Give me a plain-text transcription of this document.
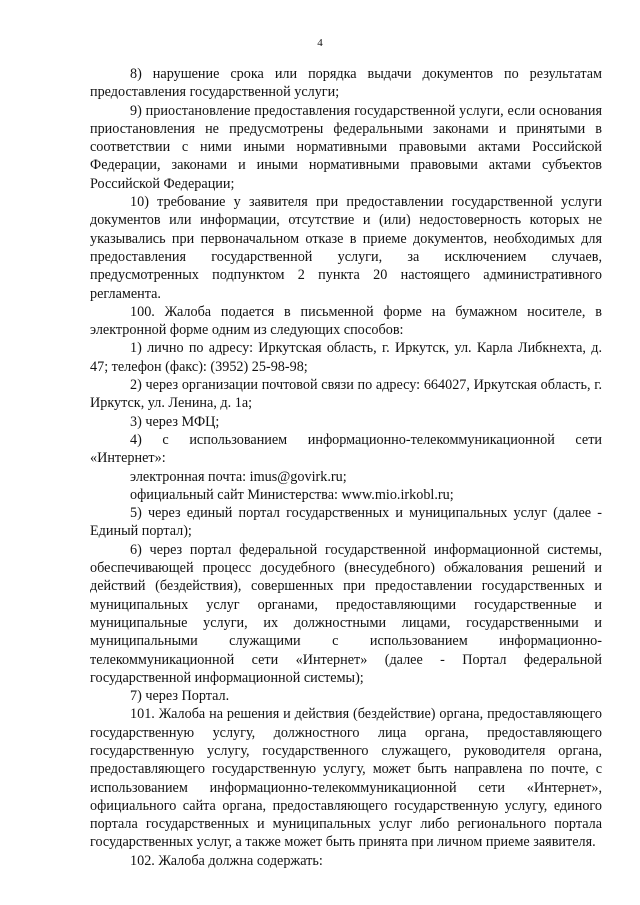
4

8) нарушение срока или порядка выдачи документов по результатам предоставления государственной услуги;

9) приостановление предоставления государственной услуги, если основания приостановления не предусмотрены федеральными законами и принятыми в соответствии с ними иными нормативными правовыми актами Российской Федерации, законами и иными нормативными правовыми актами субъектов Российской Федерации;

10) требование у заявителя при предоставлении государственной услуги документов или информации, отсутствие и (или) недостоверность которых не указывались при первоначальном отказе в приеме документов, необходимых для предоставления государственной услуги, за исключением случаев, предусмотренных подпунктом 2 пункта 20 настоящего административного регламента.

100. Жалоба подается в письменной форме на бумажном носителе, в электронной форме одним из следующих способов:

1) лично по адресу: Иркутская область, г. Иркутск, ул. Карла Либкнехта, д. 47; телефон (факс): (3952) 25-98-98;

2) через организации почтовой связи по адресу: 664027, Иркутская область, г. Иркутск, ул. Ленина, д. 1а;

3) через МФЦ;

4) с использованием информационно-телекоммуникационной сети «Интернет»:

электронная почта: imus@govirk.ru;

официальный сайт Министерства: www.mio.irkobl.ru;

5) через единый портал государственных и муниципальных услуг (далее - Единый портал);

6) через портал федеральной государственной информационной системы, обеспечивающей процесс досудебного (внесудебного) обжалования решений и действий (бездействия), совершенных при предоставлении государственных и муниципальных услуг органами, предоставляющими государственные и муниципальные услуги, их должностными лицами, государственными и муниципальными служащими с использованием информационно-телекоммуникационной сети «Интернет» (далее - Портал федеральной государственной информационной системы);

7) через Портал.

101. Жалоба на решения и действия (бездействие) органа, предоставляющего государственную услугу, должностного лица органа, предоставляющего государственную услугу, государственного служащего, руководителя органа, предоставляющего государственную услугу, может быть направлена по почте, с использованием информационно-телекоммуникационной сети «Интернет», официального сайта органа, предоставляющего государственную услугу, единого портала государственных и муниципальных услуг либо регионального портала государственных услуг, а также может быть принята при личном приеме заявителя.

102. Жалоба должна содержать:
